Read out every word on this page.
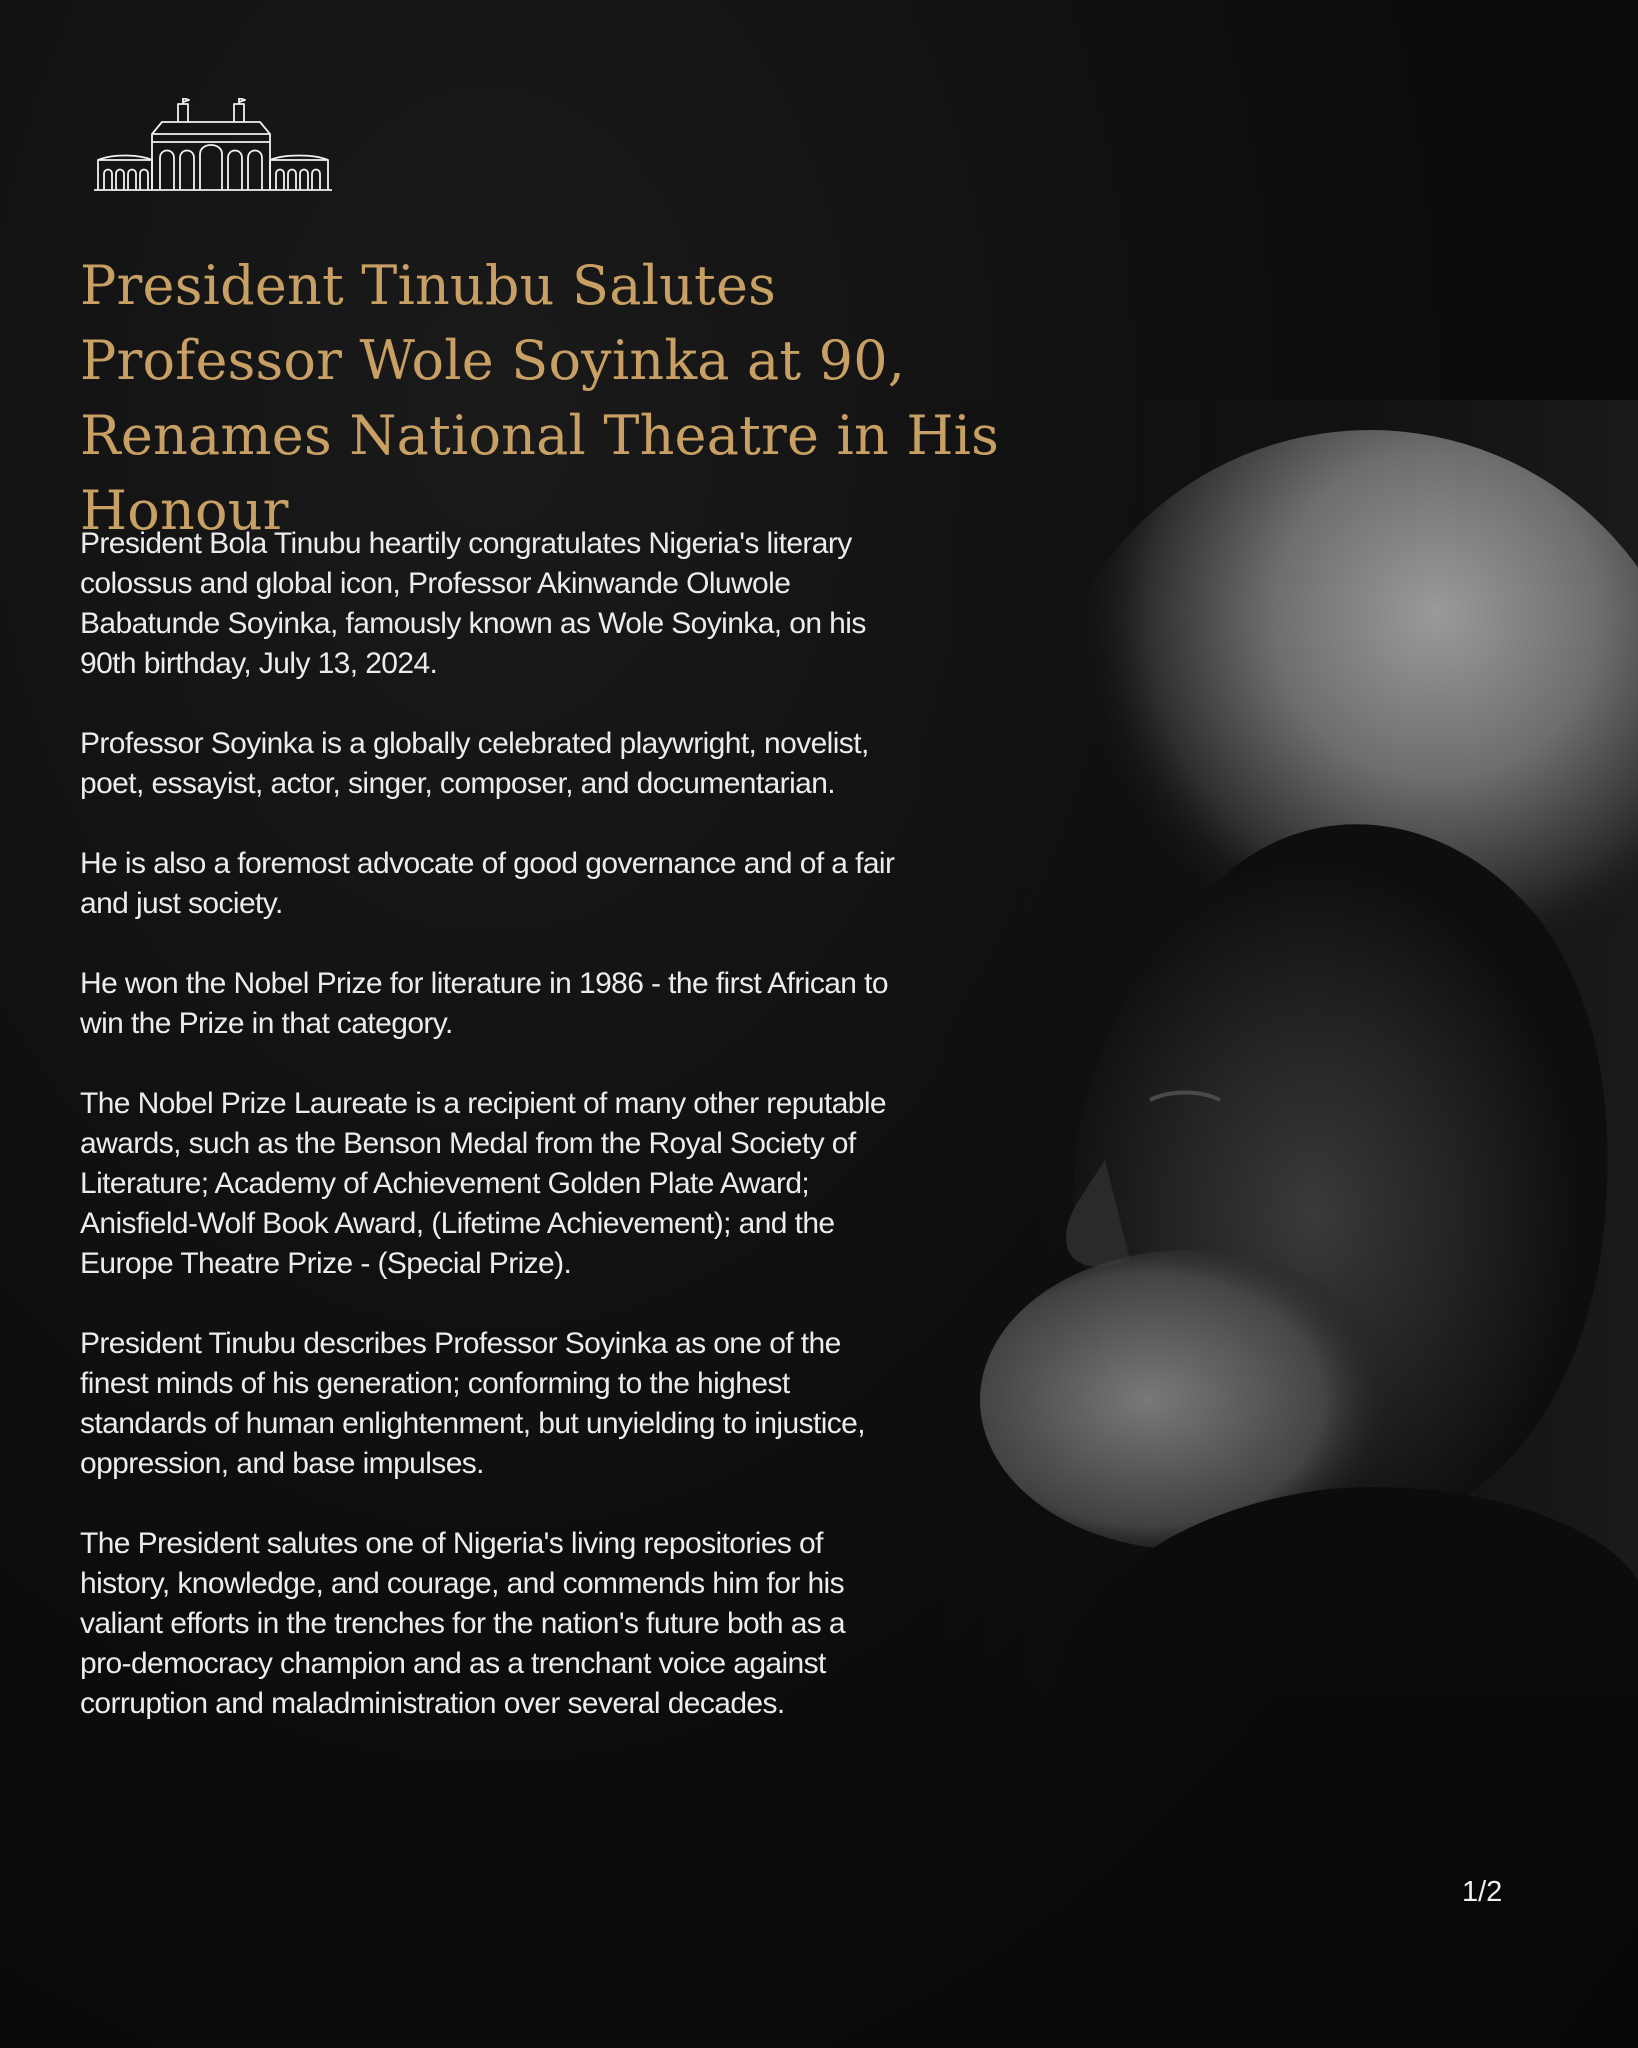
President Tinubu Salutes Professor Wole Soyinka at 90, Renames National Theatre in His Honour

President Bola Tinubu heartily congratulates Nigeria's literary colossus and global icon, Professor Akinwande Oluwole Babatunde Soyinka, famously known as Wole Soyinka, on his 90th birthday, July 13, 2024.

Professor Soyinka is a globally celebrated playwright, novelist, poet, essayist, actor, singer, composer, and documentarian.

He is also a foremost advocate of good governance and of a fair and just society.

He won the Nobel Prize for literature in 1986 - the first African to win the Prize in that category.

The Nobel Prize Laureate is a recipient of many other reputable awards, such as the Benson Medal from the Royal Society of Literature; Academy of Achievement Golden Plate Award; Anisfield-Wolf Book Award, (Lifetime Achievement); and the Europe Theatre Prize - (Special Prize).

President Tinubu describes Professor Soyinka as one of the finest minds of his generation; conforming to the highest standards of human enlightenment, but unyielding to injustice, oppression, and base impulses.

The President salutes one of Nigeria's living repositories of history, knowledge, and courage, and commends him for his valiant efforts in the trenches for the nation's future both as a pro-democracy champion and as a trenchant voice against corruption and maladministration over several decades.

1/2
